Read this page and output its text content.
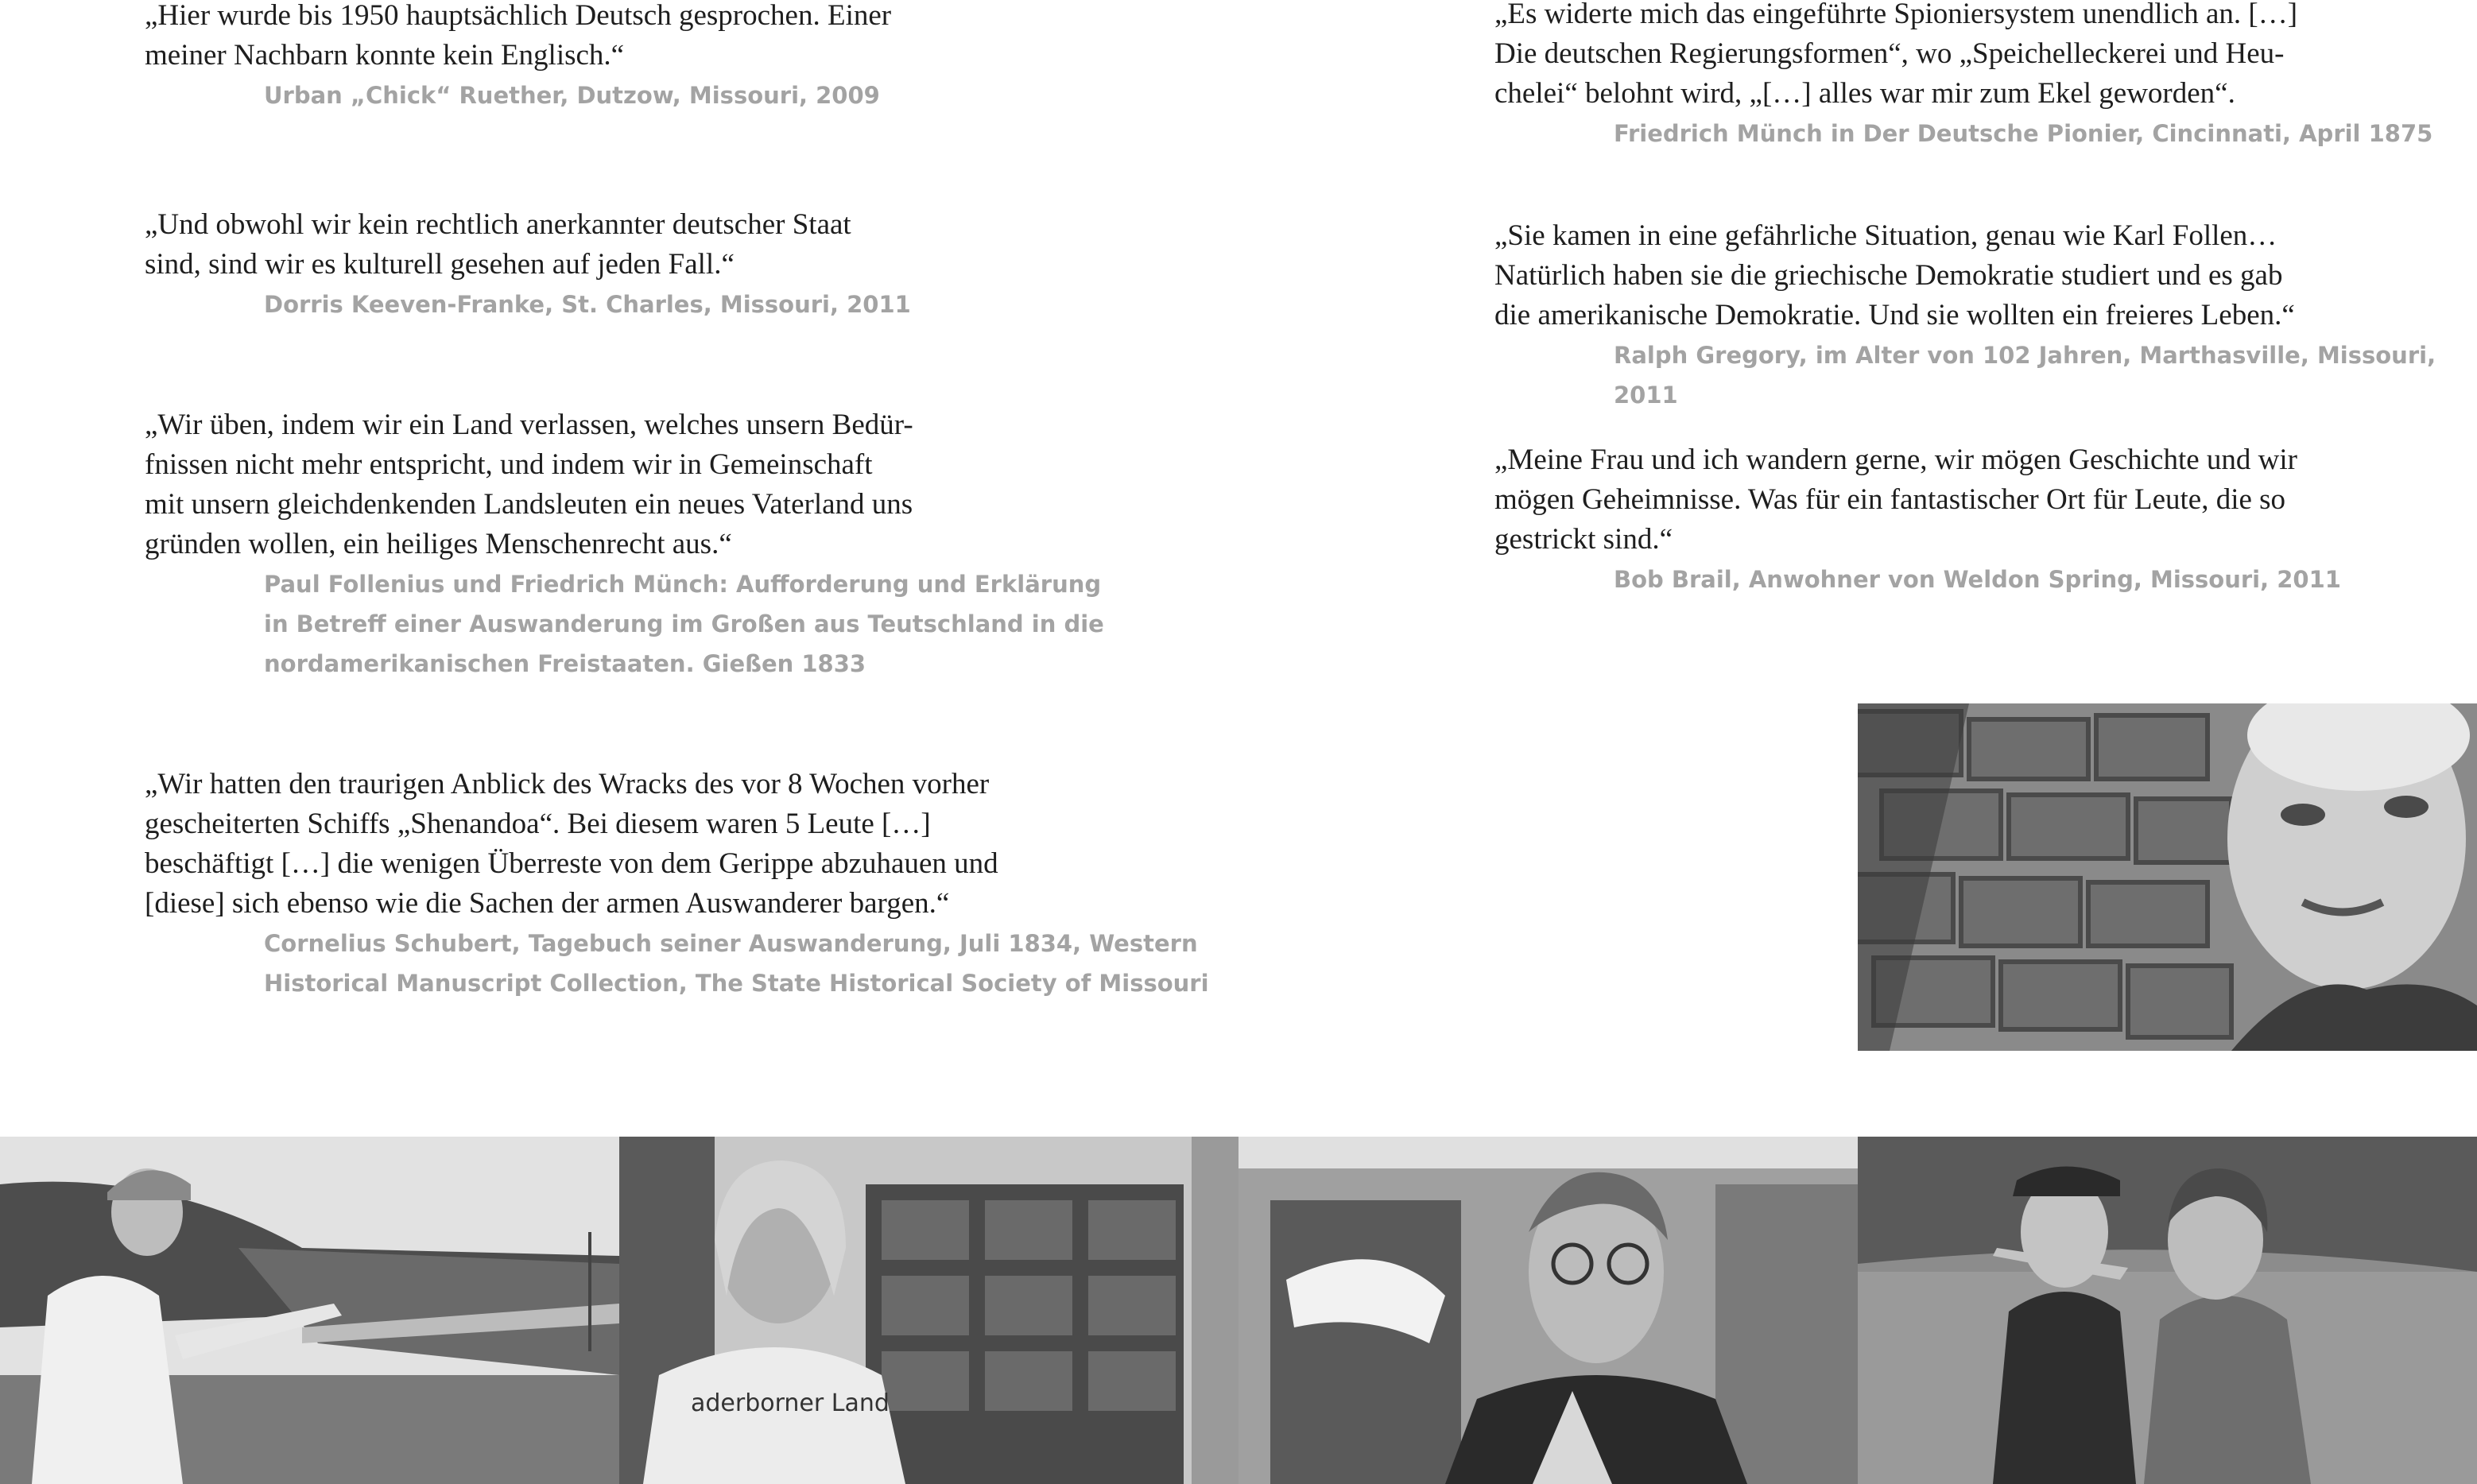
„Hier wurde bis 1950 hauptsächlich Deutsch gesprochen. Einer
meiner Nachbarn konnte kein Englisch.“
Urban „Chick“ Ruether, Dutzow, Missouri, 2009
„Und obwohl wir kein rechtlich anerkannter deutscher Staat
sind, sind wir es kulturell gesehen auf jeden Fall.“
Dorris Keeven-Franke, St. Charles, Missouri, 2011
„Wir üben, indem wir ein Land verlassen, welches unsern Bedür-
fnissen nicht mehr entspricht, und indem wir in Gemeinschaft
mit unsern gleichdenkenden Landsleuten ein neues Vaterland uns
gründen wollen, ein heiliges Menschenrecht aus.“
Paul Follenius und Friedrich Münch: Aufforderung und Erklärung
in Betreff einer Auswanderung im Großen aus Teutschland in die
nordamerikanischen Freistaaten. Gießen 1833
„Wir hatten den traurigen Anblick des Wracks des vor 8 Wochen vorher
gescheiterten Schiffs „Shenandoa“. Bei diesem waren 5 Leute […]
beschäftigt […] die wenigen Überreste von dem Gerippe abzuhauen und
[diese] sich ebenso wie die Sachen der armen Auswanderer bargen.“
Cornelius Schubert, Tagebuch seiner Auswanderung, Juli 1834, Western
Historical Manuscript Collection, The State Historical Society of Missouri
„Es widerte mich das eingeführte Spioniersystem unendlich an. […]
Die deutschen Regierungsformen“, wo „Speichelleckerei und Heu-
chelei“ belohnt wird, „[…] alles war mir zum Ekel geworden“.
Friedrich Münch in Der Deutsche Pionier, Cincinnati, April 1875
„Sie kamen in eine gefährliche Situation, genau wie Karl Follen…
Natürlich haben sie die griechische Demokratie studiert und es gab
die amerikanische Demokratie. Und sie wollten ein freieres Leben.“
Ralph Gregory, im Alter von 102 Jahren, Marthasville, Missouri, 2011
„Meine Frau und ich wandern gerne, wir mögen Geschichte und wir
mögen Geheimnisse. Was für ein fantastischer Ort für Leute, die so
gestrickt sind.“
Bob Brail, Anwohner von Weldon Spring, Missouri, 2011
aderborner Land
